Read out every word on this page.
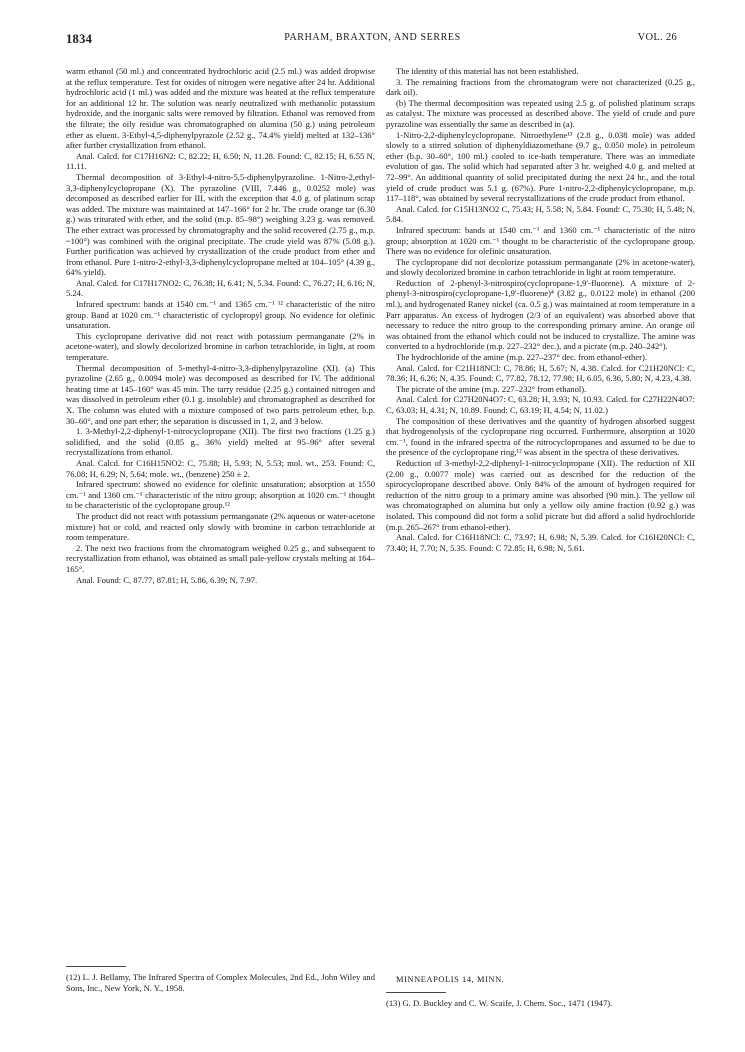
1834	PARHAM, BRAXTON, AND SERRES	VOL. 26

warm ethanol (50 ml.) and concentrated hydrochloric acid (2.5 ml.) was added dropwise at the reflux temperature. Test for oxides of nitrogen were negative after 24 hr. Additional hydrochloric acid (1 ml.) was added and the mixture was heated at the reflux temperature for an additional 12 hr. The solution was nearly neutralized with methanolic potassium hydroxide, and the inorganic salts were removed by filtration. Ethanol was removed from the filtrate; the oily residue was chromatographed on alumina (50 g.) using petroleum ether as eluent. 3-Ethyl-4,5-diphenylpyrazole (2.52 g., 74.4% yield) melted at 132–136° after further crystallization from ethanol.

Anal. Calcd. for C17H16N2: C, 82.22; H, 6.50; N, 11.28. Found: C, 82.15; H, 6.55 N, 11.11.

Thermal decomposition of 3-Ethyl-4-nitro-5,5-diphenylpyrazoline. 1-Nitro-2,ethyl-3,3-diphenylcyclopropane (X). The pyrazoline (VIII, 7.446 g., 0.0252 mole) was decomposed as described earlier for III, with the exception that 4.0 g. of platinum scrap was added. The mixture was maintained at 147–166° for 2 hr. The crude orange tar (6.30 g.) was triturated with ether, and the solid (m.p. 85–98°) weighing 3.23 g. was removed. The ether extract was processed by chromatography and the solid recovered (2.75 g., m.p. ~100°) was combined with the original precipitate. The crude yield was 87% (5.08 g.). Further purification was achieved by crystallization of the crude product from ether and from ethanol. Pure 1-nitro-2-ethyl-3,3-diphenylcyclopropane melted at 104–105° (4.39 g., 64% yield).

Anal. Calcd. for C17H17NO2: C, 76.38; H, 6.41; N, 5.34. Found: C, 76.27; H, 6.16; N, 5.24.

Infrared spectrum: bands at 1540 cm.⁻¹ and 1365 cm.⁻¹ ¹² characteristic of the nitro group. Band at 1020 cm.⁻¹ characteristic of cyclopropyl group. No evidence for olefinic unsaturation.

This cyclopropane derivative did not react with potassium permanganate (2% in acetone-water), and slowly decolorized bromine in carbon tetrachloride, in light, at room temperature.

Thermal decomposition of 5-methyl-4-nitro-3,3-diphenylpyrazoline (XI). (a) This pyrazoline (2.65 g., 0.0094 mole) was decomposed as described for IV. The additional heating time at 145–160° was 45 min. The tarry residue (2.25 g.) contained nitrogen and was dissolved in petroleum ether (0.1 g. insoluble) and chromatographed as described for X. The column was eluted with a mixture composed of two parts petroleum ether, b.p. 30–60°, and one part ether; the separation is discussed in 1, 2, and 3 below.

1. 3-Methyl-2,2-diphenyl-1-nitrocyclopropane (XII). The first two fractions (1.25 g.) solidified, and the solid (0.85 g., 36% yield) melted at 95–96° after several recrystallizations from ethanol.

Anal. Calcd. for C16H15NO2: C, 75.88; H, 5.93; N, 5.53; mol. wt., 253. Found: C, 76.08; H, 6.29; N, 5.64; mole. wt., (benzene) 250 ± 2.

Infrared spectrum: showed no evidence for olefinic unsaturation; absorption at 1550 cm.⁻¹ and 1360 cm.⁻¹ characteristic of the nitro group; absorption at 1020 cm.⁻¹ thought to be characteristic of the cyclopropane group.¹²

The product did not react with potassium permanganate (2% aqueous or water-acetone mixture) hot or cold, and reacted only slowly with bromine in carbon tetrachloride at room temperature.

2. The next two fractions from the chromatogram weighed 0.25 g., and subsequent to recrystallization from ethanol, was obtained as small pale-yellow crystals melting at 164–165°.

Anal. Found: C, 87.77, 87.81; H, 5.86, 6.39; N, 7.97.

(12) L. J. Bellamy, The Infrared Spectra of Complex Molecules, 2nd Ed., John Wiley and Sons, Inc., New York, N. Y., 1958.

The identity of this material has not been established.

3. The remaining fractions from the chromatogram were not characterized (0.25 g., dark oil).

(b) The thermal decomposition was repeated using 2.5 g. of polished platinum scraps as catalyst. The mixture was processed as described above. The yield of crude and pure pyrazoline was essentially the same as described in (a).

1-Nitro-2,2-diphenylcyclopropane. Nitroethylene¹³ (2.8 g., 0.038 mole) was added slowly to a stirred solution of diphenyldiazomethane (9.7 g., 0.050 mole) in petroleum ether (b.p. 30–60°, 100 ml.) cooled to ice-bath temperature. There was an immediate evolution of gas. The solid which had separated after 3 hr. weighed 4.0 g. and melted at 72–99°. An additional quantity of solid precipitated during the next 24 hr., and the total yield of crude product was 5.1 g. (67%). Pure 1-nitro-2,2-diphenylcyclopropane, m.p. 117–118°, was obtained by several recrystallizations of the crude product from ethanol.

Anal. Calcd. for C15H13NO2 C, 75.43; H, 5.58; N, 5.84. Found: C, 75.30; H, 5.48; N, 5.84.

Infrared spectrum: bands at 1540 cm.⁻¹ and 1360 cm.⁻¹ characteristic of the nitro group; absorption at 1020 cm.⁻¹ thought to be characteristic of the cyclopropane group. There was no evidence for olefinic unsaturation.

The cyclopropane did not decolorize potassium permanganate (2% in acetone-water), and slowly decolorized bromine in carbon tetrachloride in light at room temperature.

Reduction of 2-phenyl-3-nitrospiro(cyclopropane-1,9′-fluorene). A mixture of 2-phenyl-3-nitrospiro(cyclopropane-1,9′-fluorene)⁴ (3.82 g., 0.0122 mole) in ethanol (200 ml.), and hydrogenated Raney nickel (ca. 0.5 g.) was maintained at room temperature in a Parr apparatus. An excess of hydrogen (2/3 of an equivalent) was absorbed above that necessary to reduce the nitro group to the corresponding primary amine. An orange oil was obtained from the ethanol which could not be induced to crystallize. The amine was converted to a hydrochloride (m.p. 227–232° dec.), and a picrate (m.p. 240–242°).

The hydrochloride of the amine (m.p. 227–237° dec. from ethanol-ether).

Anal. Calcd. for C21H18NCl: C, 78.86; H, 5.67; N, 4.38. Calcd. for C21H20NCl: C, 78.36; H, 6.26; N, 4.35. Found: C, 77.82, 78.12, 77.98; H, 6.05, 6.36, 5.80; N, 4.23, 4.38.

The picrate of the amine (m.p. 227–232° from ethanol).

Anal. Calcd. for C27H20N4O7: C, 63.28; H, 3.93; N, 10.93. Calcd. for C27H22N4O7: C, 63.03; H, 4.31; N, 10.89. Found: C, 63.19; H, 4.54; N, 11.02.)

The composition of these derivatives and the quantity of hydrogen absorbed suggest that hydrogenolysis of the cyclopropane ring occurred. Furthermore, absorption at 1020 cm.⁻¹, found in the infrared spectra of the nitrocyclopropanes and assumed to be due to the presence of the cyclopropane ring,¹² was absent in the spectra of these derivatives.

Reduction of 3-methyl-2,2-diphenyl-1-nitrocyclopropane (XII). The reduction of XII (2.00 g., 0.0077 mole) was carried out as described for the reduction of the spirocyclopropane described above. Only 84% of the amount of hydrogen required for reduction of the nitro group to a primary amine was absorbed (90 min.). The yellow oil was chromatographed on alumina but only a yellow oily amine fraction (0.92 g.) was isolated. This compound did not form a solid picrate but did afford a solid hydrochloride (m.p. 265–267° from ethanol-ether).

Anal. Calcd. for C16H18NCl: C, 73.97; H, 6.98; N, 5.39. Calcd. for C16H20NCl: C, 73.40; H, 7.70; N, 5.35. Found: C 72.85; H, 6.98; N, 5.61.

MINNEAPOLIS 14, MINN.
(13) G. D. Buckley and C. W. Scaife, J. Chem. Soc., 1471 (1947).
